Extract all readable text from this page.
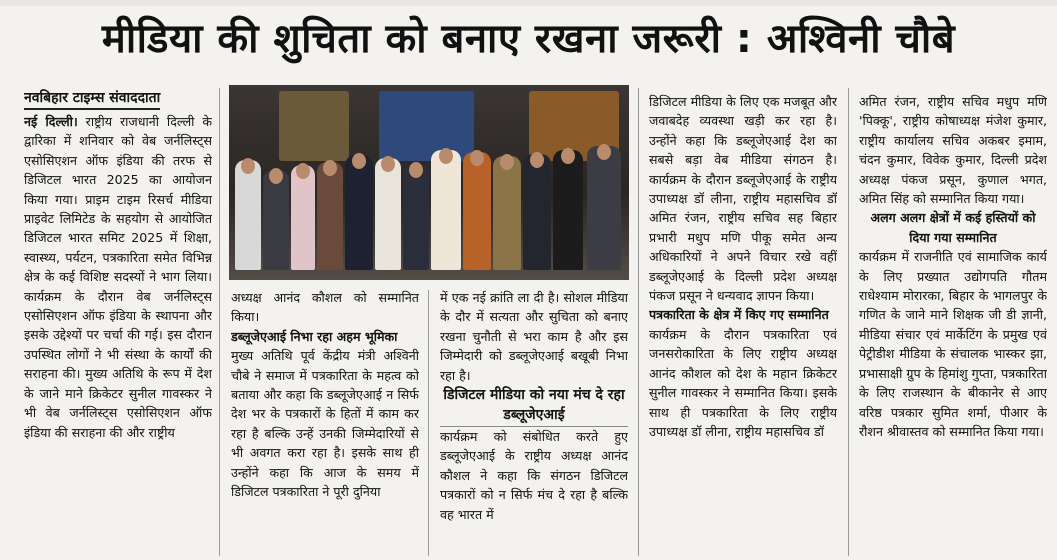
मीडिया की शुचिता को बनाए रखना जरूरी : अश्विनी चौबे
नवबिहार टाइम्स संवाददाता

नई दिल्ली। राष्ट्रीय राजधानी दिल्ली के द्वारिका में शनिवार को वेब जर्नलिस्ट्स एसोसिएशन ऑफ इंडिया की तरफ से डिजिटल भारत 2025 का आयोजन किया गया। प्राइम टाइम रिसर्च मीडिया प्राइवेट लिमिटेड के सहयोग से आयोजित डिजिटल भारत समिट 2025 में शिक्षा, स्वास्थ्य, पर्यटन, पत्रकारिता समेत विभिन्न क्षेत्र के कई विशिष्ट सदस्यों ने भाग लिया। कार्यक्रम के दौरान वेब जर्नलिस्ट्स एसोसिएशन ऑफ इंडिया के स्थापना और इसके उद्देश्यों पर चर्चा की गई। इस दौरान उपस्थित लोगों ने भी संस्था के कार्यों की सराहना की। मुख्य अतिथि के रूप में देश के जाने माने क्रिकेटर सुनील गावस्कर ने भी वेब जर्नलिस्ट्स एसोसिएशन ऑफ इंडिया की सराहना की और राष्ट्रीय

अध्यक्ष आनंद कौशल को सम्मानित किया।

डब्लूजेएआई निभा रहा अहम भूमिका

मुख्य अतिथि पूर्व केंद्रीय मंत्री अश्विनी चौबे ने समाज में पत्रकारिता के महत्व को बताया और कहा कि डब्लूजेएआई न सिर्फ देश भर के पत्रकारों के हितों में काम कर रहा है बल्कि उन्हें उनकी जिम्मेदारियों से भी अवगत करा रहा है। इसके साथ ही उन्होंने कहा कि आज के समय में डिजिटल पत्रकारिता ने पूरी दुनिया

में एक नई क्रांति ला दी है। सोशल मीडिया के दौर में सत्यता और सुचिता को बनाए रखना चुनौती से भरा काम है और इस जिम्मेदारी को डब्लूजेएआई बखूबी निभा रहा है।

डिजिटल मीडिया को नया मंच दे रहा डब्लूजेएआई

कार्यक्रम को संबोधित करते हुए डब्लूजेएआई के राष्ट्रीय अध्यक्ष आनंद कौशल ने कहा कि संगठन डिजिटल पत्रकारों को न सिर्फ मंच दे रहा है बल्कि वह भारत में

डिजिटल मीडिया के लिए एक मजबूत और जवाबदेह व्यवस्था खड़ी कर रहा है। उन्होंने कहा कि डब्लूजेएआई देश का सबसे बड़ा वेब मीडिया संगठन है। कार्यक्रम के दौरान डब्लूजेएआई के राष्ट्रीय उपाध्यक्ष डॉ लीना, राष्ट्रीय महासचिव डॉ अमित रंजन, राष्ट्रीय सचिव सह बिहार प्रभारी मधुप मणि पीकू समेत अन्य अधिकारियों ने अपने विचार रखे वहीं डब्लूजेएआई के दिल्ली प्रदेश अध्यक्ष पंकज प्रसून ने धन्यवाद ज्ञापन किया।

पत्रकारिता के क्षेत्र में किए गए सम्मानित

कार्यक्रम के दौरान पत्रकारिता एवं जनसरोकारिता के लिए राष्ट्रीय अध्यक्ष आनंद कौशल को देश के महान क्रिकेटर सुनील गावस्कर ने सम्मानित किया। इसके साथ ही पत्रकारिता के लिए राष्ट्रीय उपाध्यक्ष डॉ लीना, राष्ट्रीय महासचिव डॉ

अमित रंजन, राष्ट्रीय सचिव मधुप मणि 'पिक्कू', राष्ट्रीय कोषाध्यक्ष मंजेश कुमार, राष्ट्रीय कार्यालय सचिव अकबर इमाम, चंदन कुमार, विवेक कुमार, दिल्ली प्रदेश अध्यक्ष पंकज प्रसून, कुणाल भगत, अमित सिंह को सम्मानित किया गया।

अलग अलग क्षेत्रों में कई हस्तियों को दिया गया सम्मानित

कार्यक्रम में राजनीति एवं सामाजिक कार्य के लिए प्रख्यात उद्योगपति गौतम राधेश्याम मोरारका, बिहार के भागलपुर के गणित के जाने माने शिक्षक जी डी ज्ञानी, मीडिया संचार एवं मार्केटिंग के प्रमुख एवं पेट्रीडीश मीडिया के संचालक भास्कर झा, प्रभासाक्षी ग्रुप के हिमांशु गुप्ता, पत्रकारिता के लिए राजस्थान के बीकानेर से आए वरिष्ठ पत्रकार सुमित शर्मा, पीआर के रौशन श्रीवास्तव को सम्मानित किया गया।
